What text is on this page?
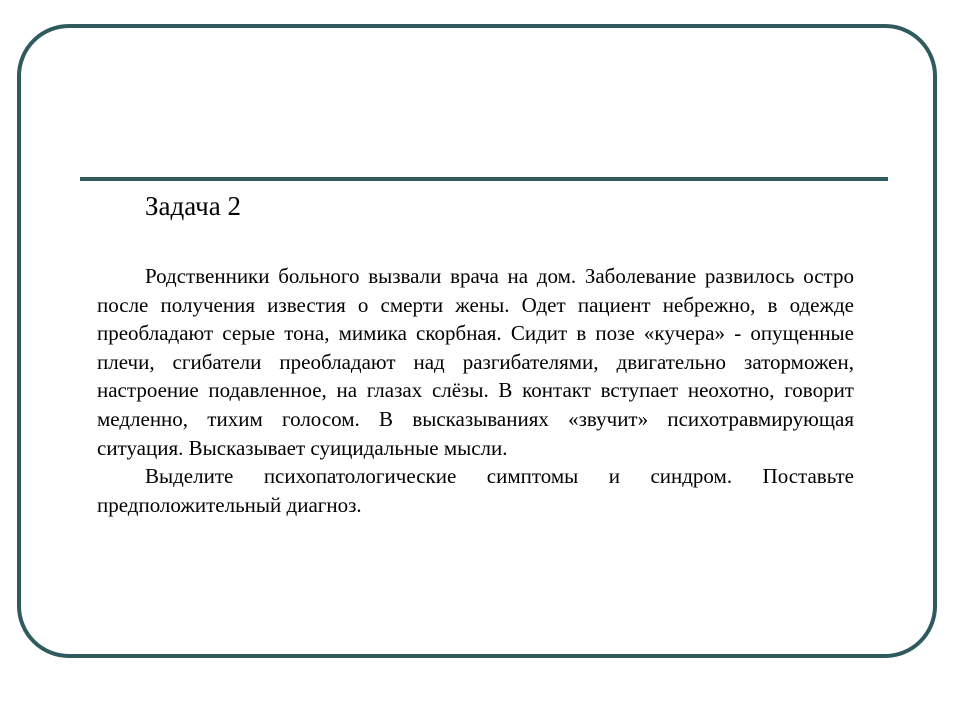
Задача 2

Родственники больного вызвали врача на дом. Заболевание развилось остро после получения известия о смерти жены. Одет пациент небрежно, в одежде преобладают серые тона, мимика скорбная. Сидит в позе «кучера» - опущенные плечи, сгибатели преобладают над разгибателями, двигательно заторможен, настроение подавленное, на глазах слёзы. В контакт вступает неохотно, говорит медленно, тихим голосом. В высказываниях «звучит» психотравмирующая ситуация. Высказывает суицидальные мысли.

Выделите психопатологические симптомы и синдром. Поставьте предположительный диагноз.
